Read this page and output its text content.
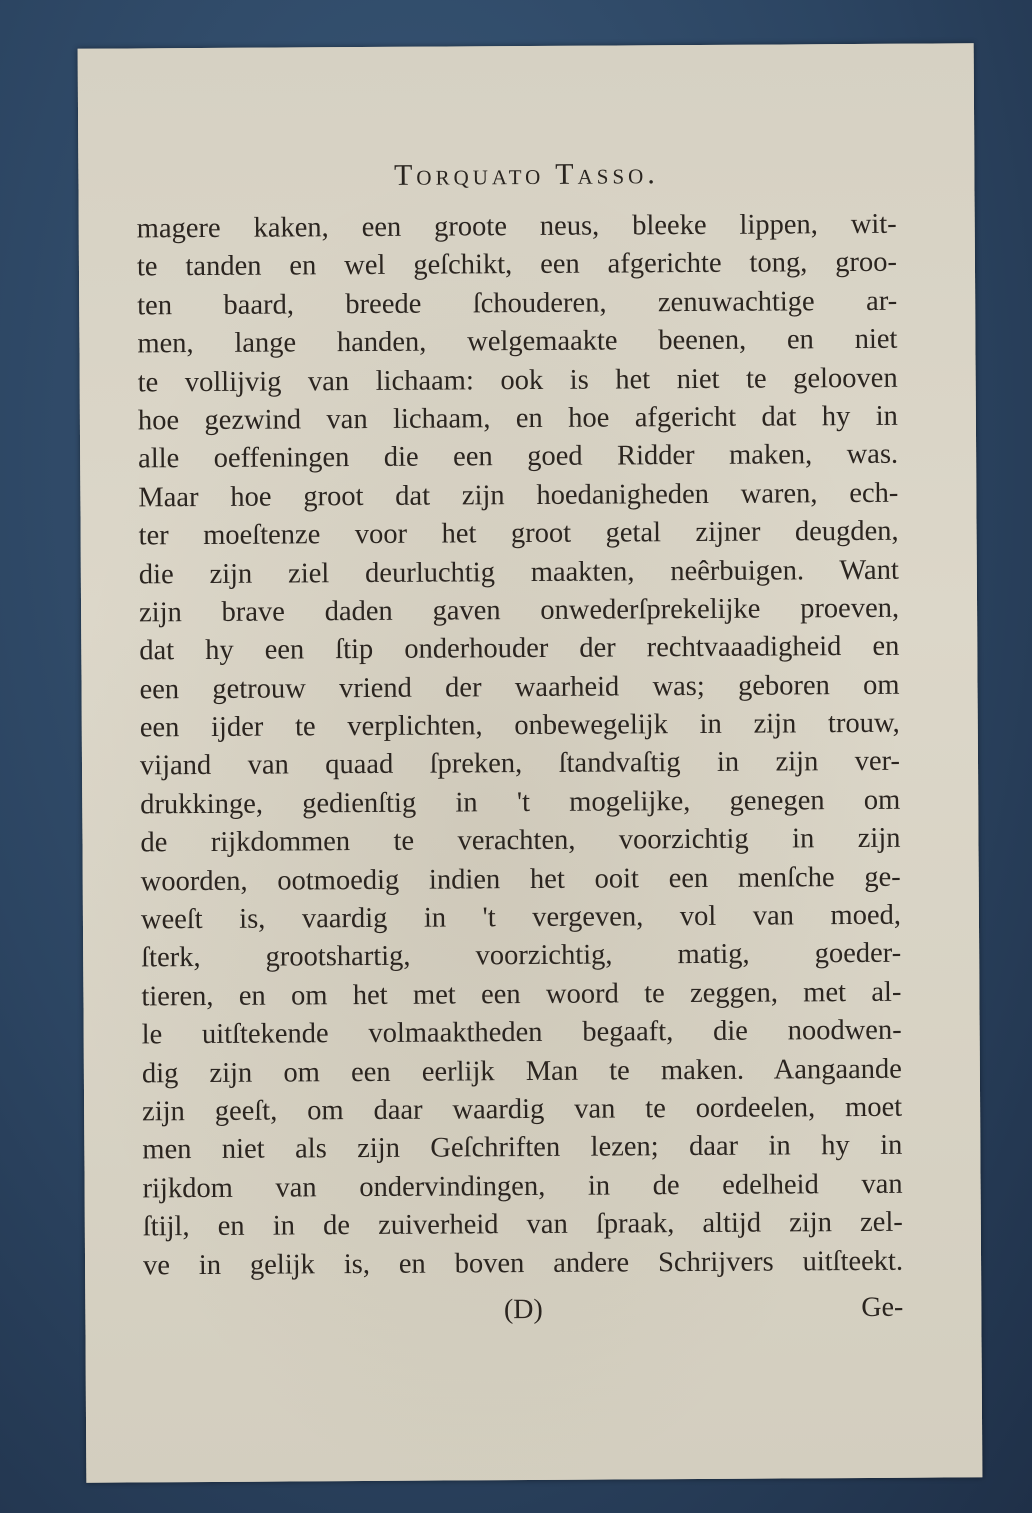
Torquato Tasso.
magere kaken, een groote neus, bleeke lippen, wit-
te tanden en wel geſchikt, een afgerichte tong, groo-
ten baard, breede ſchouderen, zenuwachtige ar-
men, lange handen, welgemaakte beenen, en niet
te vollijvig van lichaam: ook is het niet te gelooven
hoe gezwind van lichaam, en hoe afgericht dat hy in
alle oeffeningen die een goed Ridder maken, was.
Maar hoe groot dat zijn hoedanigheden waren, ech-
ter moeſtenze voor het groot getal zijner deugden,
die zijn ziel deurluchtig maakten, neêrbuigen. Want
zijn brave daden gaven onwederſprekelijke proeven,
dat hy een ſtip onderhouder der rechtvaaadigheid en
een getrouw vriend der waarheid was; geboren om
een ijder te verplichten, onbewegelijk in zijn trouw,
vijand van quaad ſpreken, ſtandvaſtig in zijn ver-
drukkinge, gedienſtig in 't mogelijke, genegen om
de rijkdommen te verachten, voorzichtig in zijn
woorden, ootmoedig indien het ooit een menſche ge-
weeſt is, vaardig in 't vergeven, vol van moed,
ſterk, grootshartig, voorzichtig, matig, goeder-
tieren, en om het met een woord te zeggen, met al-
le uitſtekende volmaaktheden begaaft, die noodwen-
dig zijn om een eerlijk Man te maken. Aangaande
zijn geeſt, om daar waardig van te oordeelen, moet
men niet als zijn Geſchriften lezen; daar in hy in
rijkdom van ondervindingen, in de edelheid van
ſtijl, en in de zuiverheid van ſpraak, altijd zijn zel-
ve in gelijk is, en boven andere Schrijvers uitſteekt.
(D)	Ge-
